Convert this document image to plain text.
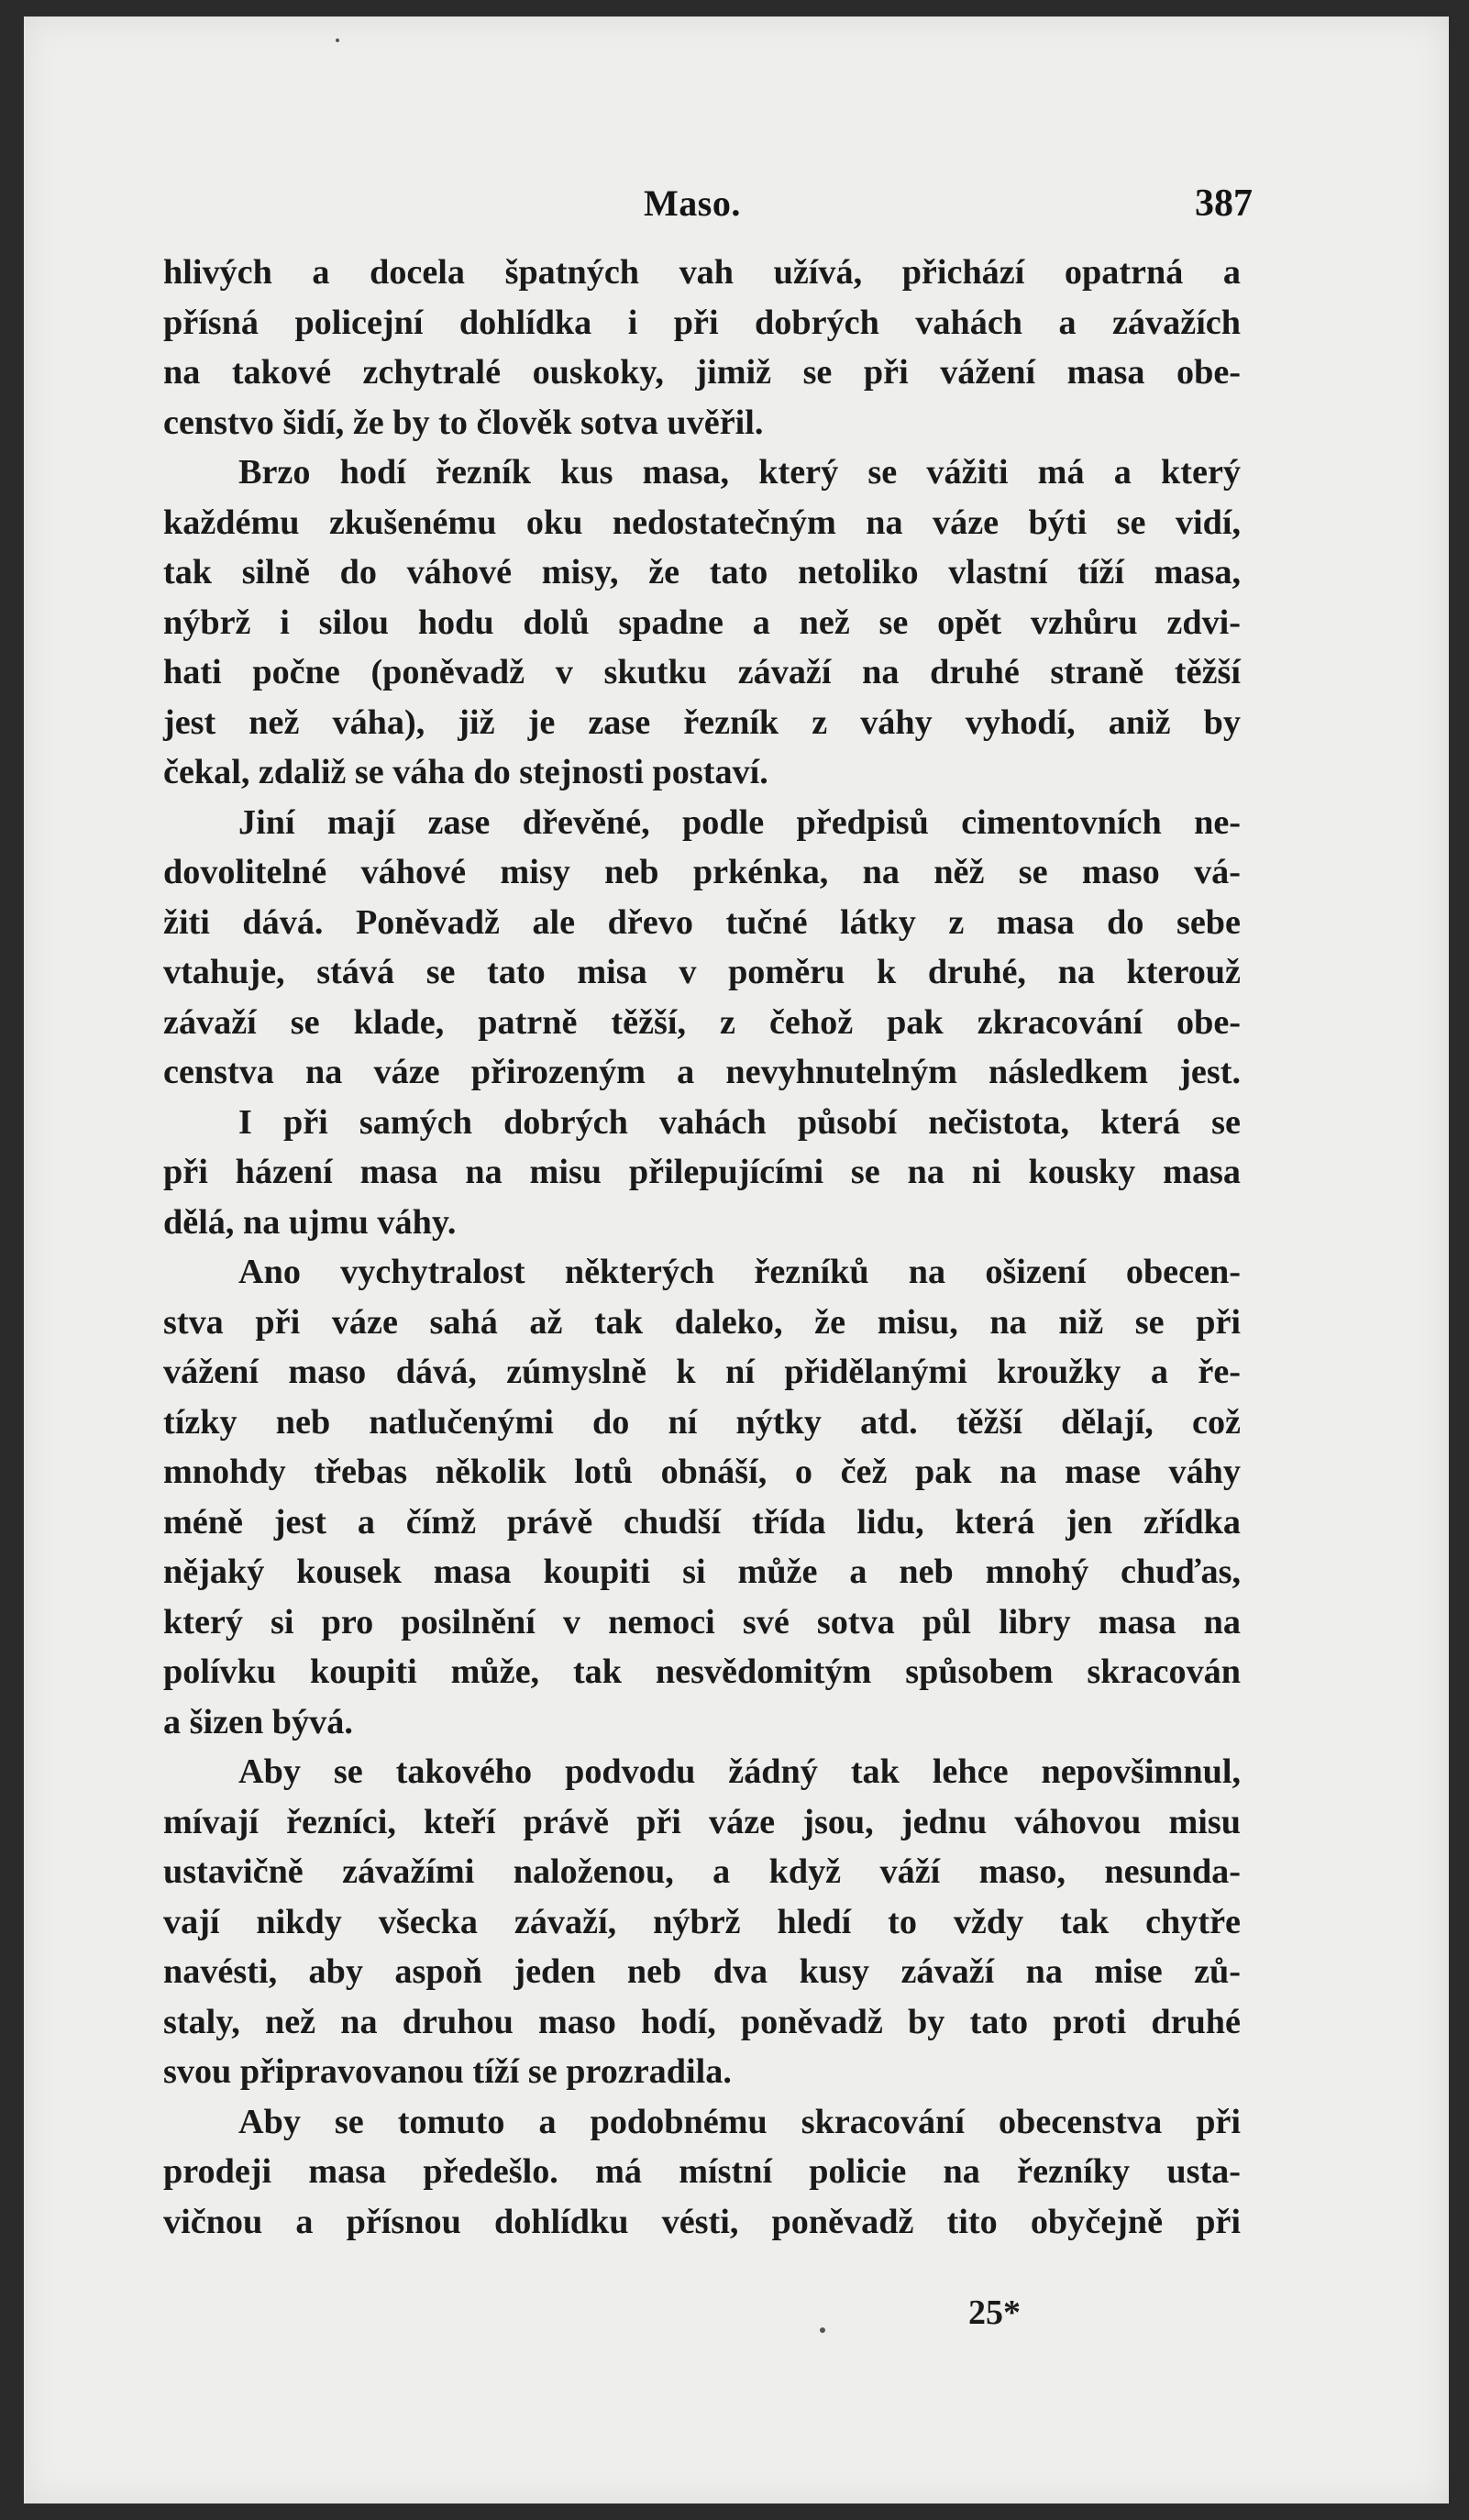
Maso.	387
hlivých a docela špatných vah užívá, přichází opatrná a
přísná policejní dohlídka i při dobrých vahách a závažích
na takové zchytralé ouskoky, jimiž se při vážení masa obe-
censtvo šidí, že by to člověk sotva uvěřil.
Brzo hodí řezník kus masa, který se vážiti má a který
každému zkušenému oku nedostatečným na váze býti se vidí,
tak silně do váhové misy, že tato netoliko vlastní tíží masa,
nýbrž i silou hodu dolů spadne a než se opět vzhůru zdvi-
hati počne (poněvadž v skutku závaží na druhé straně těžší
jest než váha), již je zase řezník z váhy vyhodí, aniž by
čekal, zdaliž se váha do stejnosti postaví.
Jiní mají zase dřevěné, podle předpisů cimentovních ne-
dovolitelné váhové misy neb prkénka, na něž se maso vá-
žiti dává. Poněvadž ale dřevo tučné látky z masa do sebe
vtahuje, stává se tato misa v poměru k druhé, na kterouž
závaží se klade, patrně těžší, z čehož pak zkracování obe-
censtva na váze přirozeným a nevyhnutelným následkem jest.
I při samých dobrých vahách působí nečistota, která se
při házení masa na misu přilepujícími se na ni kousky masa
dělá, na ujmu váhy.
Ano vychytralost některých řezníků na ošizení obecen-
stva při váze sahá až tak daleko, že misu, na niž se při
vážení maso dává, zúmyslně k ní přidělanými kroužky a ře-
tízky neb natlučenými do ní nýtky atd. těžší dělají, což
mnohdy třebas několik lotů obnáší, o čež pak na mase váhy
méně jest a čímž právě chudší třída lidu, která jen zřídka
nějaký kousek masa koupiti si může a neb mnohý chuďas,
který si pro posilnění v nemoci své sotva půl libry masa na
polívku koupiti může, tak nesvědomitým spůsobem skracován
a šizen bývá.
Aby se takového podvodu žádný tak lehce nepovšimnul,
mívají řezníci, kteří právě při váze jsou, jednu váhovou misu
ustavičně závažími naloženou, a když váží maso, nesunda-
vají nikdy všecka závaží, nýbrž hledí to vždy tak chytře
navésti, aby aspoň jeden neb dva kusy závaží na mise zů-
staly, než na druhou maso hodí, poněvadž by tato proti druhé
svou připravovanou tíží se prozradila.
Aby se tomuto a podobnému skracování obecenstva při
prodeji masa předešlo. má místní policie na řezníky usta-
vičnou a přísnou dohlídku vésti, poněvadž tito obyčejně při
25*
